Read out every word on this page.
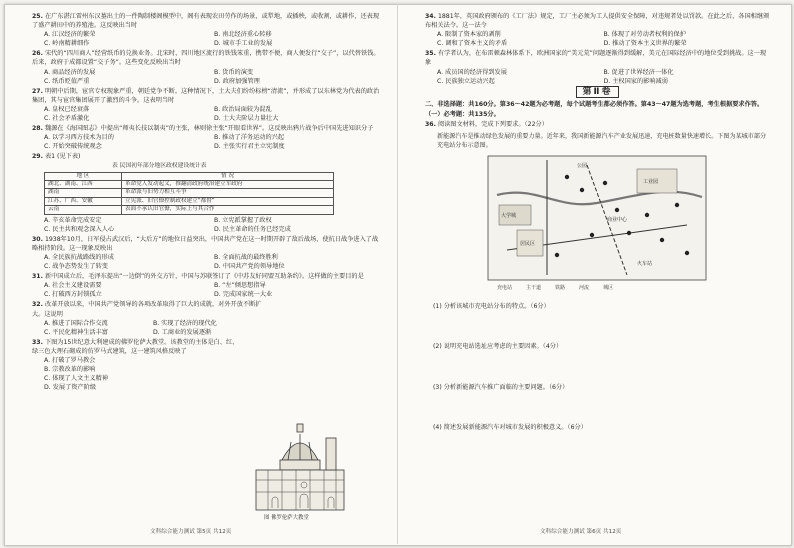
25. 在广东湛江雷州东汉墓出土的一件陶制楼阁模型中，阁有表现农田劳作的场景，或犁地，或插秧，或收割，或耕作，还表现了盛产耕田中的养殖池。这反映出当时
A. 江汉经济的繁荣	B. 南北经济重心转移
C. 岭南精耕细作	D. 城市手工业的发展
26. 宋代的“四川商人”经营纸币的兑换业务。北宋时，四川地区流行的铁钱笨重，携带不便，商人便发行“交子”，以代替铁钱。后来，政府于成都设置“交子务”。这些变化反映出当时
A. 商品经济的发展	B. 货币的演变
C. 纸币贬值严重	D. 政府加强管理
27. 明朝中后期，宦官专权现象严重，朝廷党争不断。这种情况下，士大夫们纷纷标榜“清流”，并形成了以东林党为代表的政治集团，其与宦官集团展开了激烈的斗争。这表明当时
A. 皇权已经衰落	B. 政治局面较为混乱
C. 社会矛盾激化	D. 士大夫阶层力量壮大
28. 魏源在《海国图志》中提出“师夷长技以制夷”的主张，林则徐主张“开眼看世界”。这反映出鸦片战争后中国先进知识分子
A. 以学习西方技术为目的	B. 推动了洋务运动的兴起
C. 开始突破传统观念	D. 主张实行君主立宪制度
29. 表1 (见下表)
表 民国初年部分地区政权建设统计表
地 区	情 况
湖北、湖南、江西	革命党人发动起义，推翻清政府统治建立军政府
湖南	革命派与旧势力相互斗争
江苏、广西、安徽	立宪派、旧官僚控制政权建立“都督”
云南	表面不承认旧官僚，实际上与其合作
A. 辛亥革命完成安定	B. 立宪派掌握了政权
C. 民主共和观念深入人心	D. 民主革命的任务已经完成
30. 1938年10月，日军侵占武汉后，“大后方”的地位日益突出，中国共产党在这一时期开辟了敌后战场，使抗日战争进入了战略相持阶段。这一现象反映出
A. 全民族抗战路线的形成	B. 全面抗战的最终胜利
C. 战争态势发生了转变	D. 中国共产党的领导地位
31. 新中国成立后，毛泽东提出“一边倒”的外交方针，中国与苏联签订了《中苏友好同盟互助条约》。这样做的主要目的是
A. 社会主义建设需要	B. “左”倾思想指导
C. 打破西方封锁孤立	D. 完成国家统一大业
32. 改革开放以来，中国共产党领导的各项改革取得了巨大的成就，对外开放不断扩大。这说明
A. 推进了国际合作交流	B. 实现了经济的现代化
C. 平民化精神生活丰富	D. 工商业的发展逐渐
33. 下图为15世纪意大利建成的佛罗伦萨大教堂。该教堂的主体是白、红、绿三色大理石砌成的仿罗马式建筑，这一建筑风格反映了
A. 打破了罗马教会
B. 宗教改革的影响
C. 体现了人文主义精神
D. 发展了资产阶级
图 佛罗伦萨大教堂
文科综合能力测试 第5页 共12页
34. 1881年，英国政府颁布的《工厂法》规定，工厂主必须为工人提供安全保障，对违规者处以罚款。在此之后，各国相继颁布相关法令。这一法令
A. 限制了资本家的剥削	B. 体现了对劳动者权利的保护
C. 调和了资本主义的矛盾	D. 推动了资本主义世界的繁荣
35. 有学者认为，在布雷顿森林体系下，欧洲国家的“美元荒”问题逐渐得到缓解，美元在国际经济中的地位受到挑战。这一现象
A. 成员国的经济得到发展	B. 促进了世界经济一体化
C. 民族独立运动兴起	D. 主权国家的影响减弱
第Ⅱ卷
二、非选择题：共160分。第36～42题为必考题，每个试题考生都必须作答。第43～47题为选考题，考生根据要求作答。
（一）必考题：共135分。
36. 阅读图文材料，完成下列要求。（22分）
新能源汽车是推动绿色发展的重要力量。近年来，我国新能源汽车产业发展迅速，充电桩数量快速增长。下图为某城市部分充电站分布示意图。
公园
商业中心
火车站
大学城
居民区
工业园
充电站	主干道	铁路	河流	城区
(1) 分析该城市充电站分布的特点。（6分）
(2) 说明充电站选址应考虑的主要因素。（4分）
(3) 分析新能源汽车推广面临的主要问题。（6分）
(4) 简述发展新能源汽车对城市发展的积极意义。（6分）
文科综合能力测试 第6页 共12页
